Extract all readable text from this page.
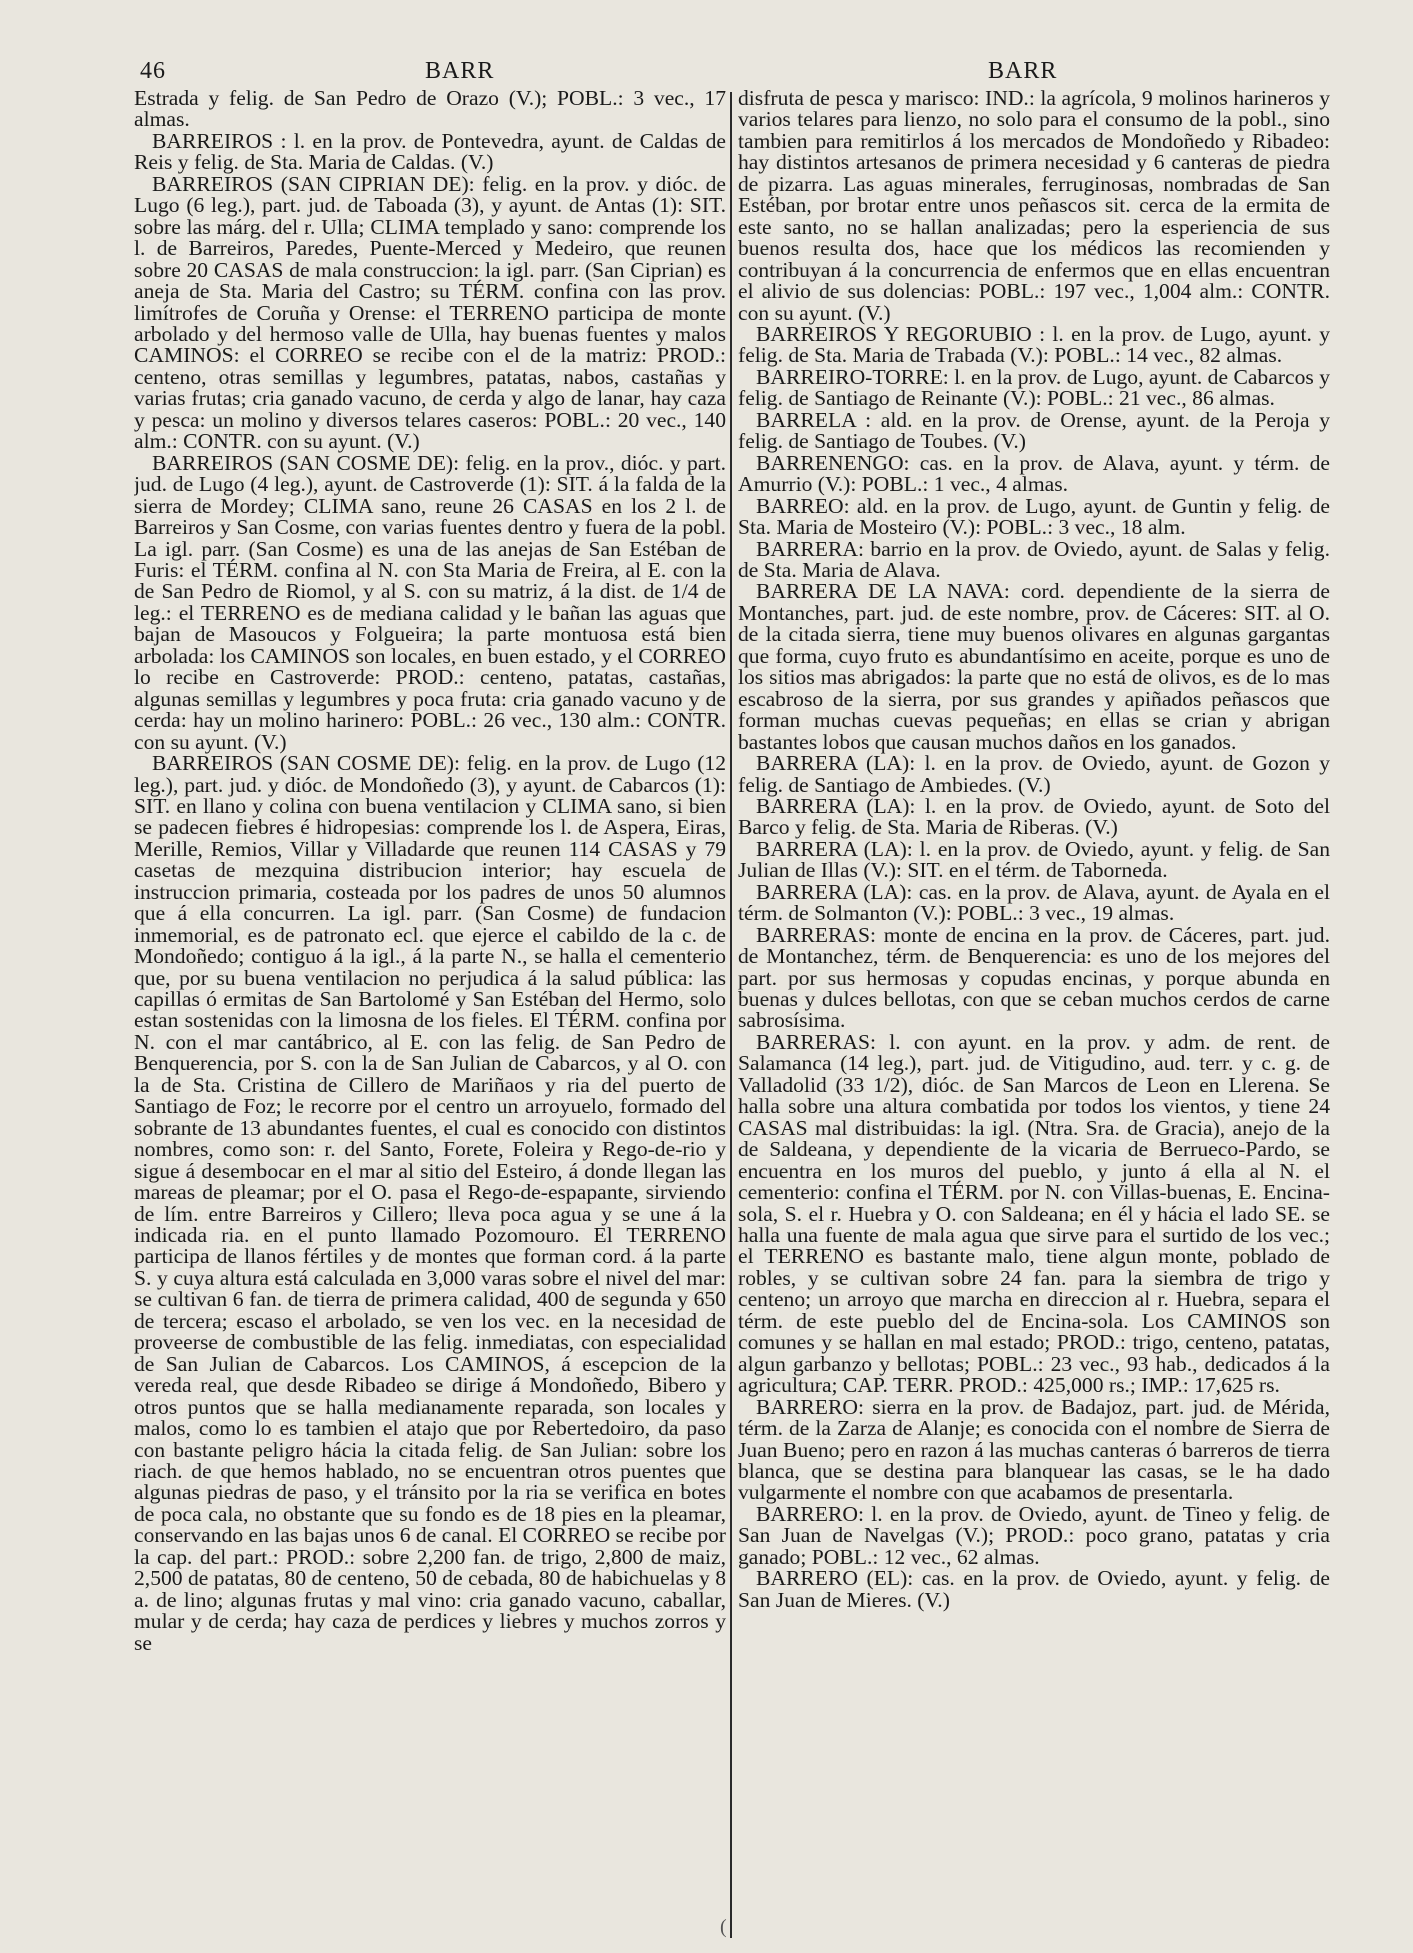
46	BARR	BARR

Estrada y felig. de San Pedro de Orazo (V.); POBL.: 3 vec., 17 almas.

BARREIROS : l. en la prov. de Pontevedra, ayunt. de Caldas de Reis y felig. de Sta. Maria de Caldas. (V.)

BARREIROS (SAN CIPRIAN DE): felig. en la prov. y dióc. de Lugo (6 leg.), part. jud. de Taboada (3), y ayunt. de Antas (1): SIT. sobre las márg. del r. Ulla; CLIMA templado y sano: comprende los l. de Barreiros, Paredes, Puente-Merced y Medeiro, que reunen sobre 20 CASAS de mala construccion: la igl. parr. (San Ciprian) es aneja de Sta. Maria del Castro; su TÉRM. confina con las prov. limítrofes de Coruña y Orense: el TERRENO participa de monte arbolado y del hermoso valle de Ulla, hay buenas fuentes y malos CAMINOS: el CORREO se recibe con el de la matriz: PROD.: centeno, otras semillas y legumbres, patatas, nabos, castañas y varias frutas; cria ganado vacuno, de cerda y algo de lanar, hay caza y pesca: un molino y diversos telares caseros: POBL.: 20 vec., 140 alm.: CONTR. con su ayunt. (V.)

BARREIROS (SAN COSME DE): felig. en la prov., dióc. y part. jud. de Lugo (4 leg.), ayunt. de Castroverde (1): SIT. á la falda de la sierra de Mordey; CLIMA sano, reune 26 CASAS en los 2 l. de Barreiros y San Cosme, con varias fuentes dentro y fuera de la pobl. La igl. parr. (San Cosme) es una de las anejas de San Estéban de Furis: el TÉRM. confina al N. con Sta Maria de Freira, al E. con la de San Pedro de Riomol, y al S. con su matriz, á la dist. de 1/4 de leg.: el TERRENO es de mediana calidad y le bañan las aguas que bajan de Masoucos y Folgueira; la parte montuosa está bien arbolada: los CAMINOS son locales, en buen estado, y el CORREO lo recibe en Castroverde: PROD.: centeno, patatas, castañas, algunas semillas y legumbres y poca fruta: cria ganado vacuno y de cerda: hay un molino harinero: POBL.: 26 vec., 130 alm.: CONTR. con su ayunt. (V.)

BARREIROS (SAN COSME DE): felig. en la prov. de Lugo (12 leg.), part. jud. y dióc. de Mondoñedo (3), y ayunt. de Cabarcos (1): SIT. en llano y colina con buena ventilacion y CLIMA sano, si bien se padecen fiebres é hidropesias: comprende los l. de Aspera, Eiras, Merille, Remios, Villar y Villadarde que reunen 114 CASAS y 79 casetas de mezquina distribucion interior; hay escuela de instruccion primaria, costeada por los padres de unos 50 alumnos que á ella concurren. La igl. parr. (San Cosme) de fundacion inmemorial, es de patronato ecl. que ejerce el cabildo de la c. de Mondoñedo; contiguo á la igl., á la parte N., se halla el cementerio que, por su buena ventilacion no perjudica á la salud pública: las capillas ó ermitas de San Bartolomé y San Estéban del Hermo, solo estan sostenidas con la limosna de los fieles. El TÉRM. confina por N. con el mar cantábrico, al E. con las felig. de San Pedro de Benquerencia, por S. con la de San Julian de Cabarcos, y al O. con la de Sta. Cristina de Cillero de Mariñaos y ria del puerto de Santiago de Foz; le recorre por el centro un arroyuelo, formado del sobrante de 13 abundantes fuentes, el cual es conocido con distintos nombres, como son: r. del Santo, Forete, Foleira y Rego-de-rio y sigue á desembocar en el mar al sitio del Esteiro, á donde llegan las mareas de pleamar; por el O. pasa el Rego-de-espapante, sirviendo de lím. entre Barreiros y Cillero; lleva poca agua y se une á la indicada ria. en el punto llamado Pozomouro. El TERRENO participa de llanos fértiles y de montes que forman cord. á la parte S. y cuya altura está calculada en 3,000 varas sobre el nivel del mar: se cultivan 6 fan. de tierra de primera calidad, 400 de segunda y 650 de tercera; escaso el arbolado, se ven los vec. en la necesidad de proveerse de combustible de las felig. inmediatas, con especialidad de San Julian de Cabarcos. Los CAMINOS, á escepcion de la vereda real, que desde Ribadeo se dirige á Mondoñedo, Bibero y otros puntos que se halla medianamente reparada, son locales y malos, como lo es tambien el atajo que por Rebertedoiro, da paso con bastante peligro hácia la citada felig. de San Julian: sobre los riach. de que hemos hablado, no se encuentran otros puentes que algunas piedras de paso, y el tránsito por la ria se verifica en botes de poca cala, no obstante que su fondo es de 18 pies en la pleamar, conservando en las bajas unos 6 de canal. El CORREO se recibe por la cap. del part.: PROD.: sobre 2,200 fan. de trigo, 2,800 de maiz, 2,500 de patatas, 80 de centeno, 50 de cebada, 80 de habichuelas y 8 a. de lino; algunas frutas y mal vino: cria ganado vacuno, caballar, mular y de cerda; hay caza de perdices y liebres y muchos zorros y se

disfruta de pesca y marisco: IND.: la agrícola, 9 molinos harineros y varios telares para lienzo, no solo para el consumo de la pobl., sino tambien para remitirlos á los mercados de Mondoñedo y Ribadeo: hay distintos artesanos de primera necesidad y 6 canteras de piedra de pizarra. Las aguas minerales, ferruginosas, nombradas de San Estéban, por brotar entre unos peñascos sit. cerca de la ermita de este santo, no se hallan analizadas; pero la esperiencia de sus buenos resulta dos, hace que los médicos las recomienden y contribuyan á la concurrencia de enfermos que en ellas encuentran el alivio de sus dolencias: POBL.: 197 vec., 1,004 alm.: CONTR. con su ayunt. (V.)

BARREIROS Y REGORUBIO : l. en la prov. de Lugo, ayunt. y felig. de Sta. Maria de Trabada (V.): POBL.: 14 vec., 82 almas.

BARREIRO-TORRE: l. en la prov. de Lugo, ayunt. de Cabarcos y felig. de Santiago de Reinante (V.): POBL.: 21 vec., 86 almas.

BARRELA : ald. en la prov. de Orense, ayunt. de la Peroja y felig. de Santiago de Toubes. (V.)

BARRENENGO: cas. en la prov. de Alava, ayunt. y térm. de Amurrio (V.): POBL.: 1 vec., 4 almas.

BARREO: ald. en la prov. de Lugo, ayunt. de Guntin y felig. de Sta. Maria de Mosteiro (V.): POBL.: 3 vec., 18 alm.

BARRERA: barrio en la prov. de Oviedo, ayunt. de Salas y felig. de Sta. Maria de Alava.

BARRERA DE LA NAVA: cord. dependiente de la sierra de Montanches, part. jud. de este nombre, prov. de Cáceres: SIT. al O. de la citada sierra, tiene muy buenos olivares en algunas gargantas que forma, cuyo fruto es abundantísimo en aceite, porque es uno de los sitios mas abrigados: la parte que no está de olivos, es de lo mas escabroso de la sierra, por sus grandes y apiñados peñascos que forman muchas cuevas pequeñas; en ellas se crian y abrigan bastantes lobos que causan muchos daños en los ganados.

BARRERA (LA): l. en la prov. de Oviedo, ayunt. de Gozon y felig. de Santiago de Ambiedes. (V.)

BARRERA (LA): l. en la prov. de Oviedo, ayunt. de Soto del Barco y felig. de Sta. Maria de Riberas. (V.)

BARRERA (LA): l. en la prov. de Oviedo, ayunt. y felig. de San Julian de Illas (V.): SIT. en el térm. de Taborneda.

BARRERA (LA): cas. en la prov. de Alava, ayunt. de Ayala en el térm. de Solmanton (V.): POBL.: 3 vec., 19 almas.

BARRERAS: monte de encina en la prov. de Cáceres, part. jud. de Montanchez, térm. de Benquerencia: es uno de los mejores del part. por sus hermosas y copudas encinas, y porque abunda en buenas y dulces bellotas, con que se ceban muchos cerdos de carne sabrosísima.

BARRERAS: l. con ayunt. en la prov. y adm. de rent. de Salamanca (14 leg.), part. jud. de Vitigudino, aud. terr. y c. g. de Valladolid (33 1/2), dióc. de San Marcos de Leon en Llerena. Se halla sobre una altura combatida por todos los vientos, y tiene 24 CASAS mal distribuidas: la igl. (Ntra. Sra. de Gracia), anejo de la de Saldeana, y dependiente de la vicaria de Berrueco-Pardo, se encuentra en los muros del pueblo, y junto á ella al N. el cementerio: confina el TÉRM. por N. con Villas-buenas, E. Encina-sola, S. el r. Huebra y O. con Saldeana; en él y hácia el lado SE. se halla una fuente de mala agua que sirve para el surtido de los vec.; el TERRENO es bastante malo, tiene algun monte, poblado de robles, y se cultivan sobre 24 fan. para la siembra de trigo y centeno; un arroyo que marcha en direccion al r. Huebra, separa el térm. de este pueblo del de Encina-sola. Los CAMINOS son comunes y se hallan en mal estado; PROD.: trigo, centeno, patatas, algun garbanzo y bellotas; POBL.: 23 vec., 93 hab., dedicados á la agricultura; CAP. TERR. PROD.: 425,000 rs.; IMP.: 17,625 rs.

BARRERO: sierra en la prov. de Badajoz, part. jud. de Mérida, térm. de la Zarza de Alanje; es conocida con el nombre de Sierra de Juan Bueno; pero en razon á las muchas canteras ó barreros de tierra blanca, que se destina para blanquear las casas, se le ha dado vulgarmente el nombre con que acabamos de presentarla.

BARRERO: l. en la prov. de Oviedo, ayunt. de Tineo y felig. de San Juan de Navelgas (V.); PROD.: poco grano, patatas y cria ganado; POBL.: 12 vec., 62 almas.

BARRERO (EL): cas. en la prov. de Oviedo, ayunt. y felig. de San Juan de Mieres. (V.)

(
